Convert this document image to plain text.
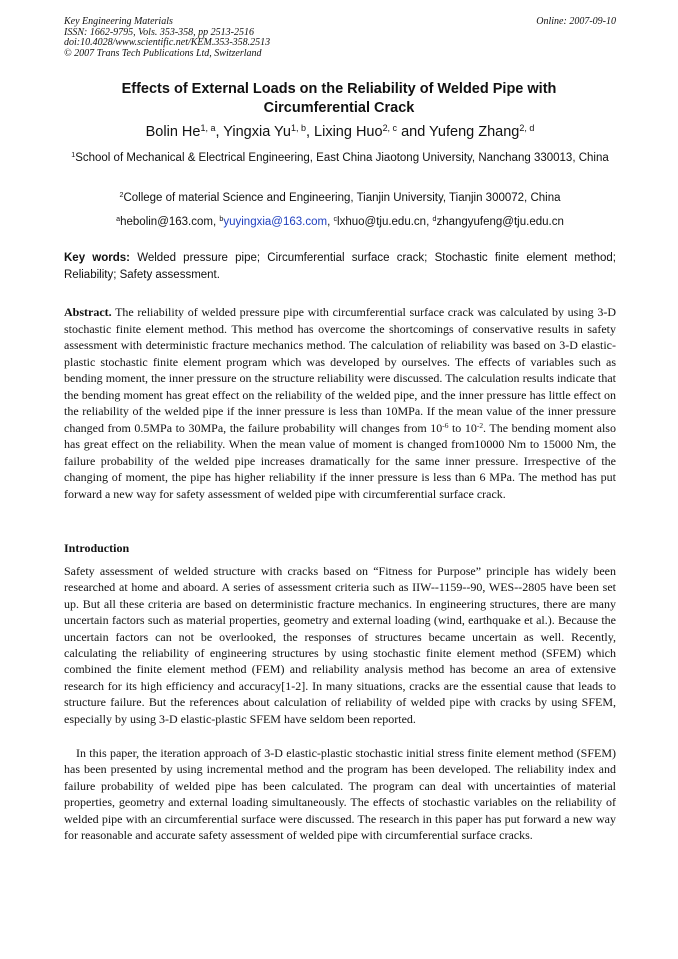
Key Engineering Materials
ISSN: 1662-9795, Vols. 353-358, pp 2513-2516
doi:10.4028/www.scientific.net/KEM.353-358.2513
© 2007 Trans Tech Publications Ltd, Switzerland
Online: 2007-09-10
Effects of External Loads on the Reliability of Welded Pipe with Circumferential Crack
Bolin He$^{1, a}$, Yingxia Yu$^{1, b}$, Lixing Huo$^{2, c}$ and Yufeng Zhang$^{2, d}$
$^1$School of Mechanical & Electrical Engineering, East China Jiaotong University, Nanchang 330013, China
$^2$College of material Science and Engineering, Tianjin University, Tianjin 300072, China
$^a$hebolin@163.com, $^b$yuyingxia@163.com, $^c$lxhuo@tju.edu.cn, $^d$zhangyufeng@tju.edu.cn
Key words: Welded pressure pipe; Circumferential surface crack; Stochastic finite element method; Reliability; Safety assessment.
Abstract. The reliability of welded pressure pipe with circumferential surface crack was calculated by using 3-D stochastic finite element method. This method has overcome the shortcomings of conservative results in safety assessment with deterministic fracture mechanics method. The calculation of reliability was based on 3-D elastic-plastic stochastic finite element program which was developed by ourselves. The effects of variables such as bending moment, the inner pressure on the structure reliability were discussed. The calculation results indicate that the bending moment has great effect on the reliability of the welded pipe, and the inner pressure has little effect on the reliability of the welded pipe if the inner pressure is less than 10MPa. If the mean value of the inner pressure changed from 0.5MPa to 30MPa, the failure probability will changes from $10^{-6}$ to $10^{-2}$. The bending moment also has great effect on the reliability. When the mean value of moment is changed from10000 Nm to 15000 Nm, the failure probability of the welded pipe increases dramatically for the same inner pressure. Irrespective of the changing of moment, the pipe has higher reliability if the inner pressure is less than 6 MPa. The method has put forward a new way for safety assessment of welded pipe with circumferential surface crack.
Introduction
Safety assessment of welded structure with cracks based on “Fitness for Purpose” principle has widely been researched at home and aboard. A series of assessment criteria such as IIW--1159--90, WES--2805 have been set up. But all these criteria are based on deterministic fracture mechanics. In engineering structures, there are many uncertain factors such as material properties, geometry and external loading (wind, earthquake et al.). Because the uncertain factors can not be overlooked, the responses of structures became uncertain as well. Recently, calculating the reliability of engineering structures by using stochastic finite element method (SFEM) which combined the finite element method (FEM) and reliability analysis method has become an area of extensive research for its high efficiency and accuracy[1-2]. In many situations, cracks are the essential cause that leads to structure failure. But the references about calculation of reliability of welded pipe with cracks by using SFEM, especially by using 3-D elastic-plastic SFEM have seldom been reported.
In this paper, the iteration approach of 3-D elastic-plastic stochastic initial stress finite element method (SFEM) has been presented by using incremental method and the program has been developed. The reliability index and failure probability of welded pipe has been calculated. The program can deal with uncertainties of material properties, geometry and external loading simultaneously. The effects of stochastic variables on the reliability of welded pipe with an circumferential surface were discussed. The research in this paper has put forward a new way for reasonable and accurate safety assessment of welded pipe with circumferential surface cracks.
